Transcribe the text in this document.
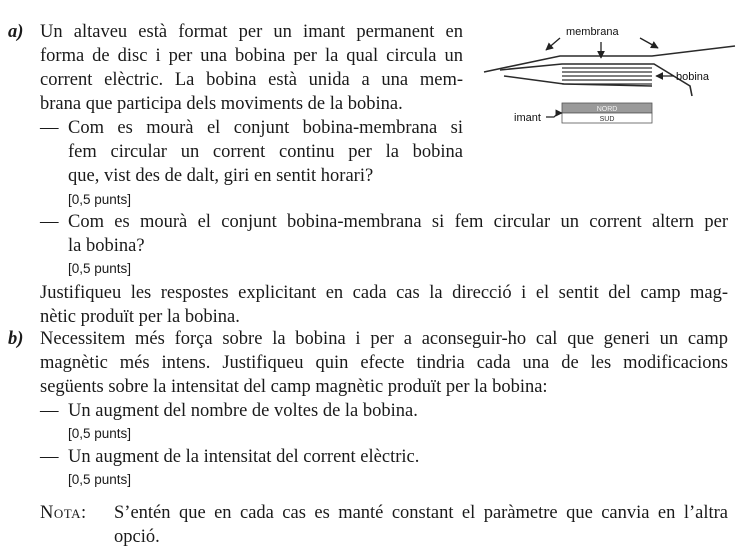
a) Un altaveu està format per un imant permanent en
forma de disc i per una bobina per la qual circula un
corrent elèctric. La bobina està unida a una mem-
brana que participa dels moviments de la bobina.
— Com es mourà el conjunt bobina-membrana si
fem circular un corrent continu per la bobina
que, vist des de dalt, giri en sentit horari?
[0,5 punts]
— Com es mourà el conjunt bobina-membrana si fem circular un corrent altern per
la bobina?
[0,5 punts]
Justifiqueu les respostes explicitant en cada cas la direcció i el sentit del camp mag-
nètic produït per la bobina.
b) Necessitem més força sobre la bobina i per a aconseguir-ho cal que generi un camp
magnètic més intens. Justifiqueu quin efecte tindria cada una de les modificacions
següents sobre la intensitat del camp magnètic produït per la bobina:
— Un augment del nombre de voltes de la bobina.
[0,5 punts]
— Un augment de la intensitat del corrent elèctric.
[0,5 punts]
Nota: S’entén que en cada cas es manté constant el paràmetre que canvia en l’altra
opció.
NORD
SUD
membrana
bobina
imant
